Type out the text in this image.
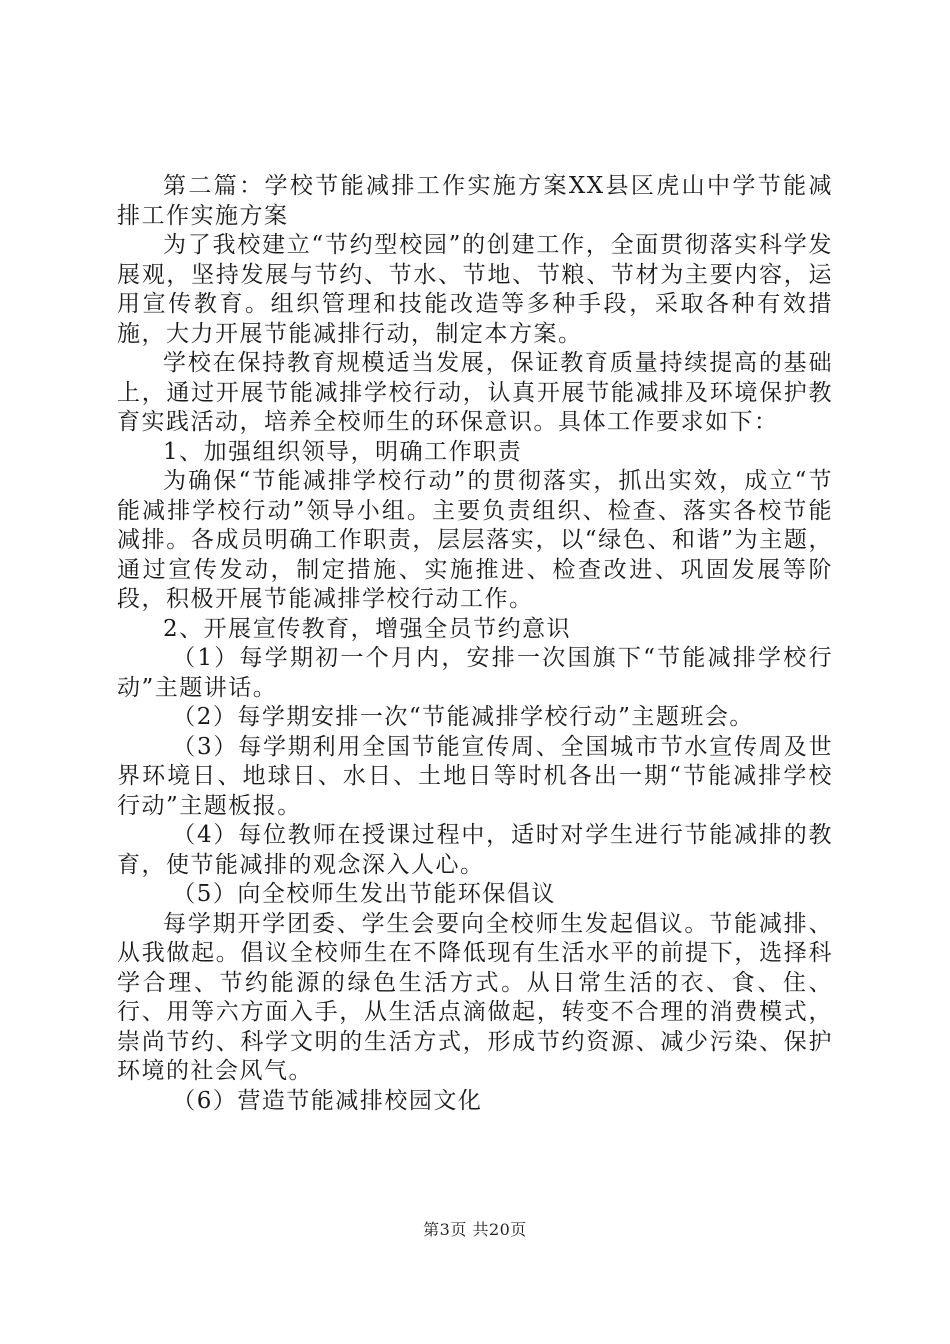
第二篇：学校节能减排工作实施方案XX县区虎山中学节能减排工作实施方案

为了我校建立“节约型校园”的创建工作，全面贯彻落实科学发展观，坚持发展与节约、节水、节地、节粮、节材为主要内容，运用宣传教育。组织管理和技能改造等多种手段，采取各种有效措施，大力开展节能减排行动，制定本方案。

学校在保持教育规模适当发展，保证教育质量持续提高的基础上，通过开展节能减排学校行动，认真开展节能减排及环境保护教育实践活动，培养全校师生的环保意识。具体工作要求如下：

1、加强组织领导，明确工作职责

为确保“节能减排学校行动”的贯彻落实，抓出实效，成立“节能减排学校行动”领导小组。主要负责组织、检查、落实各校节能减排。各成员明确工作职责，层层落实，以“绿色、和谐”为主题，通过宣传发动，制定措施、实施推进、检查改进、巩固发展等阶段，积极开展节能减排学校行动工作。

2、开展宣传教育，增强全员节约意识

（1）每学期初一个月内，安排一次国旗下“节能减排学校行动”主题讲话。

（2）每学期安排一次“节能减排学校行动”主题班会。

（3）每学期利用全国节能宣传周、全国城市节水宣传周及世界环境日、地球日、水日、土地日等时机各出一期“节能减排学校行动”主题板报。

（4）每位教师在授课过程中，适时对学生进行节能减排的教育，使节能减排的观念深入人心。

（5）向全校师生发出节能环保倡议

每学期开学团委、学生会要向全校师生发起倡议。节能减排、从我做起。倡议全校师生在不降低现有生活水平的前提下，选择科学合理、节约能源的绿色生活方式。从日常生活的衣、食、住、行、用等六方面入手，从生活点滴做起，转变不合理的消费模式，崇尚节约、科学文明的生活方式，形成节约资源、减少污染、保护环境的社会风气。

（6）营造节能减排校园文化

第3页 共20页
